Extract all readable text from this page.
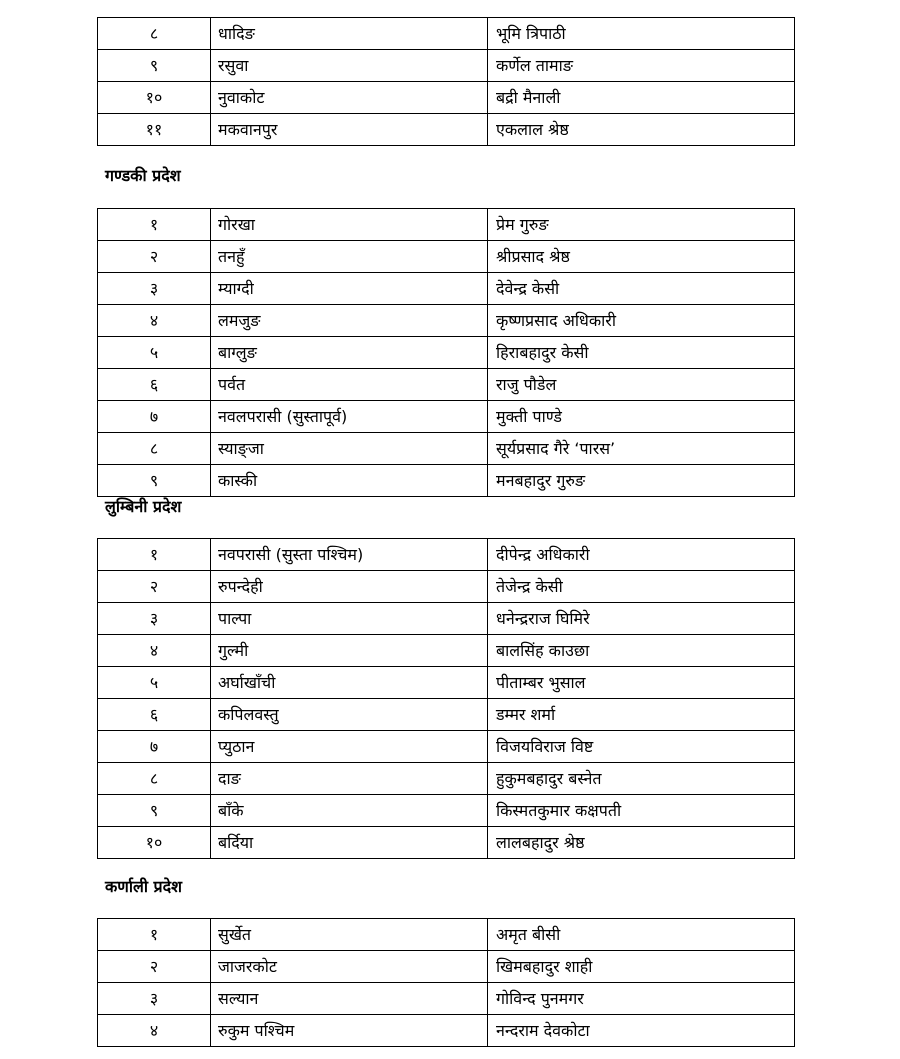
८	धादिङ	भूमि त्रिपाठी
९	रसुवा	कर्णेल तामाङ
१०	नुवाकोट	बद्री मैनाली
११	मकवानपुर	एकलाल श्रेष्ठ
गण्डकी प्रदेश
१	गोरखा	प्रेम गुरुङ
२	तनहुँ	श्रीप्रसाद श्रेष्ठ
३	म्याग्दी	देवेन्द्र केसी
४	लमजुङ	कृष्णप्रसाद अधिकारी
५	बाग्लुङ	हिराबहादुर केसी
६	पर्वत	राजु पौडेल
७	नवलपरासी (सुस्तापूर्व)	मुक्ती पाण्डे
८	स्याङ्जा	सूर्यप्रसाद गैरे ‘पारस’
९	कास्की	मनबहादुर गुरुङ
लुम्बिनी प्रदेश
१	नवपरासी (सुस्ता पश्चिम)	दीपेन्द्र अधिकारी
२	रुपन्देही	तेजेन्द्र केसी
३	पाल्पा	धनेन्द्रराज घिमिरे
४	गुल्मी	बालसिंह काउछा
५	अर्घाखाँची	पीताम्बर भुसाल
६	कपिलवस्तु	डम्मर शर्मा
७	प्युठान	विजयविराज विष्ट
८	दाङ	हुकुमबहादुर बस्नेत
९	बाँके	किस्मतकुमार कक्षपती
१०	बर्दिया	लालबहादुर श्रेष्ठ
कर्णाली प्रदेश
१	सुर्खेत	अमृत बीसी
२	जाजरकोट	खिमबहादुर शाही
३	सल्यान	गोविन्द पुनमगर
४	रुकुम पश्चिम	नन्दराम देवकोटा
